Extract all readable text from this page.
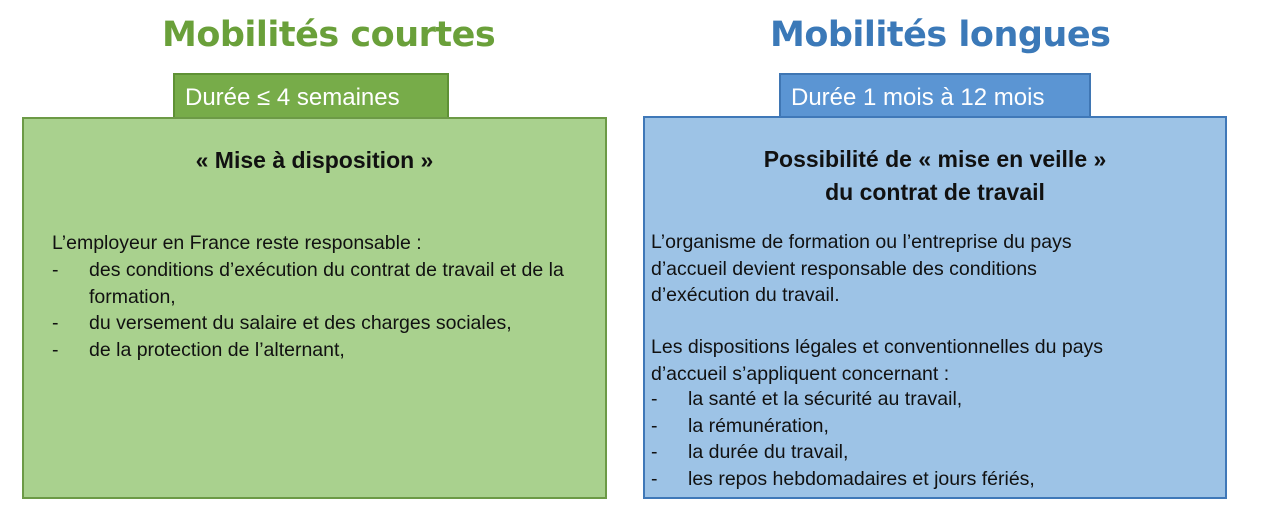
Mobilités courtes
Durée ≤ 4 semaines
« Mise à disposition »
L’employeur en France reste responsable :
- des conditions d’exécution du contrat de travail et de la formation,
- du versement du salaire et des charges sociales,
- de la protection de l’alternant,
Mobilités longues
Durée 1 mois à 12 mois
Possibilité de « mise en veille »
du contrat de travail
L’organisme de formation ou l’entreprise du pays
d’accueil devient responsable des conditions
d’exécution du travail.
Les dispositions légales et conventionnelles du pays
d’accueil s’appliquent concernant :
- la santé et la sécurité au travail,
- la rémunération,
- la durée du travail,
- les repos hebdomadaires et jours fériés,
